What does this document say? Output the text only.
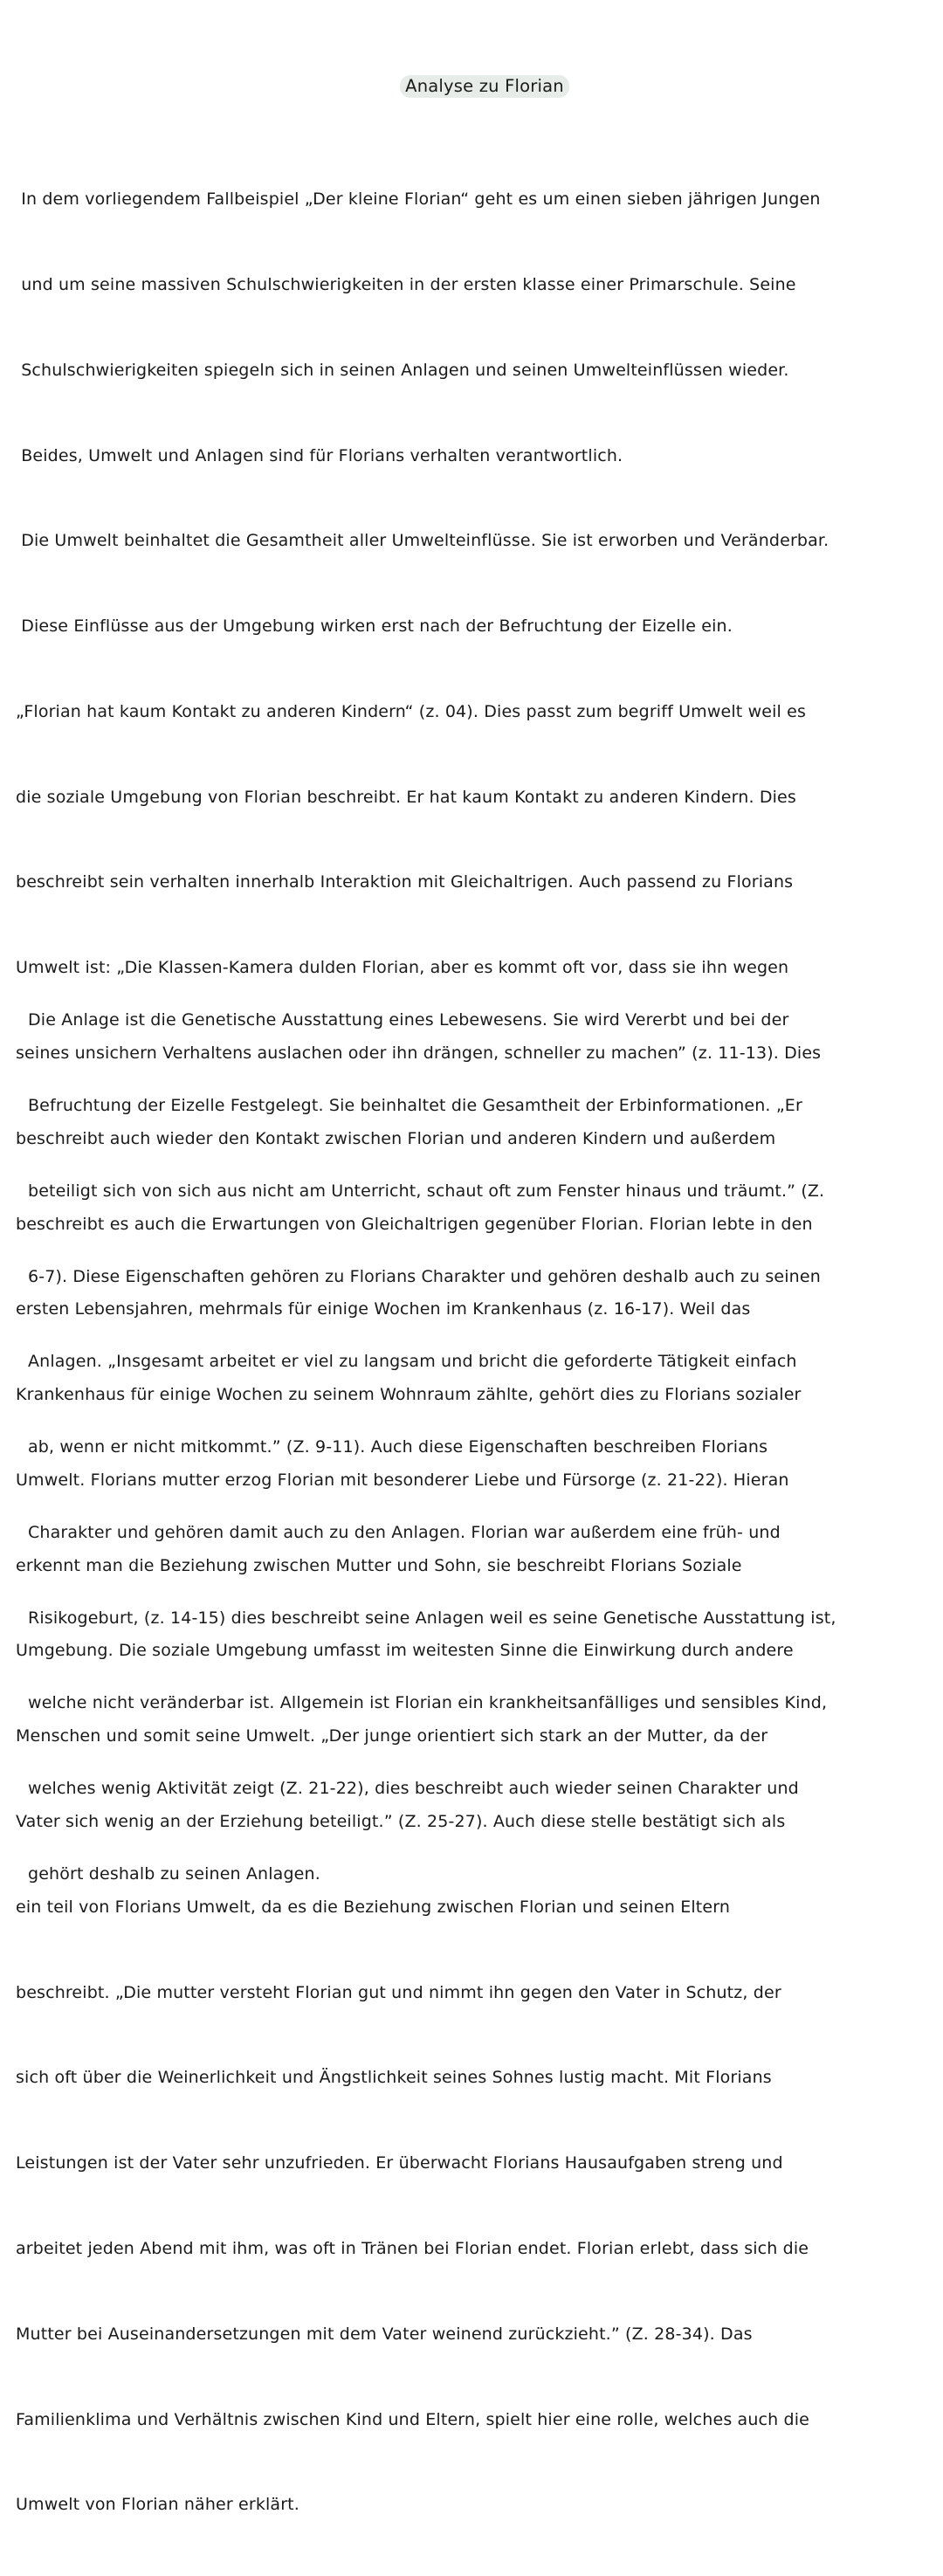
Analyse zu Florian

In dem vorliegendem Fallbeispiel „Der kleine Florian“ geht es um einen sieben jährigen Jungen

und um seine massiven Schulschwierigkeiten in der ersten klasse einer Primarschule. Seine

Schulschwierigkeiten spiegeln sich in seinen Anlagen und seinen Umwelteinflüssen wieder.

Beides, Umwelt und Anlagen sind für Florians verhalten verantwortlich.

Die Umwelt beinhaltet die Gesamtheit aller Umwelteinflüsse. Sie ist erworben und Veränderbar.

Diese Einflüsse aus der Umgebung wirken erst nach der Befruchtung der Eizelle ein.

„Florian hat kaum Kontakt zu anderen Kindern“ (z. 04). Dies passt zum begriff Umwelt weil es

die soziale Umgebung von Florian beschreibt. Er hat kaum Kontakt zu anderen Kindern. Dies

beschreibt sein verhalten innerhalb Interaktion mit Gleichaltrigen. Auch passend zu Florians

Umwelt ist: „Die Klassen-Kamera dulden Florian, aber es kommt oft vor, dass sie ihn wegen

seines unsichern Verhaltens auslachen oder ihn drängen, schneller zu machen” (z. 11-13). Dies

beschreibt auch wieder den Kontakt zwischen Florian und anderen Kindern und außerdem

beschreibt es auch die Erwartungen von Gleichaltrigen gegenüber Florian. Florian lebte in den

ersten Lebensjahren, mehrmals für einige Wochen im Krankenhaus (z. 16-17). Weil das

Krankenhaus für einige Wochen zu seinem Wohnraum zählte, gehört dies zu Florians sozialer

Umwelt. Florians mutter erzog Florian mit besonderer Liebe und Fürsorge (z. 21-22). Hieran

erkennt man die Beziehung zwischen Mutter und Sohn, sie beschreibt Florians Soziale

Umgebung. Die soziale Umgebung umfasst im weitesten Sinne die Einwirkung durch andere

Menschen und somit seine Umwelt. „Der junge orientiert sich stark an der Mutter, da der

Vater sich wenig an der Erziehung beteiligt.” (Z. 25-27). Auch diese stelle bestätigt sich als

ein teil von Florians Umwelt, da es die Beziehung zwischen Florian und seinen Eltern

beschreibt. „Die mutter versteht Florian gut und nimmt ihn gegen den Vater in Schutz, der

sich oft über die Weinerlichkeit und Ängstlichkeit seines Sohnes lustig macht. Mit Florians

Leistungen ist der Vater sehr unzufrieden. Er überwacht Florians Hausaufgaben streng und

arbeitet jeden Abend mit ihm, was oft in Tränen bei Florian endet. Florian erlebt, dass sich die

Mutter bei Auseinandersetzungen mit dem Vater weinend zurückzieht.” (Z. 28-34). Das

Familienklima und Verhältnis zwischen Kind und Eltern, spielt hier eine rolle, welches auch die

Umwelt von Florian näher erklärt.

Die Anlage ist die Genetische Ausstattung eines Lebewesens. Sie wird Vererbt und bei der

Befruchtung der Eizelle Festgelegt. Sie beinhaltet die Gesamtheit der Erbinformationen. „Er

beteiligt sich von sich aus nicht am Unterricht, schaut oft zum Fenster hinaus und träumt.” (Z.

6-7). Diese Eigenschaften gehören zu Florians Charakter und gehören deshalb auch zu seinen

Anlagen. „Insgesamt arbeitet er viel zu langsam und bricht die geforderte Tätigkeit einfach

ab, wenn er nicht mitkommt.” (Z. 9-11). Auch diese Eigenschaften beschreiben Florians

Charakter und gehören damit auch zu den Anlagen. Florian war außerdem eine früh- und

Risikogeburt, (z. 14-15) dies beschreibt seine Anlagen weil es seine Genetische Ausstattung ist,

welche nicht veränderbar ist. Allgemein ist Florian ein krankheitsanfälliges und sensibles Kind,

welches wenig Aktivität zeigt (Z. 21-22), dies beschreibt auch wieder seinen Charakter und

gehört deshalb zu seinen Anlagen.
